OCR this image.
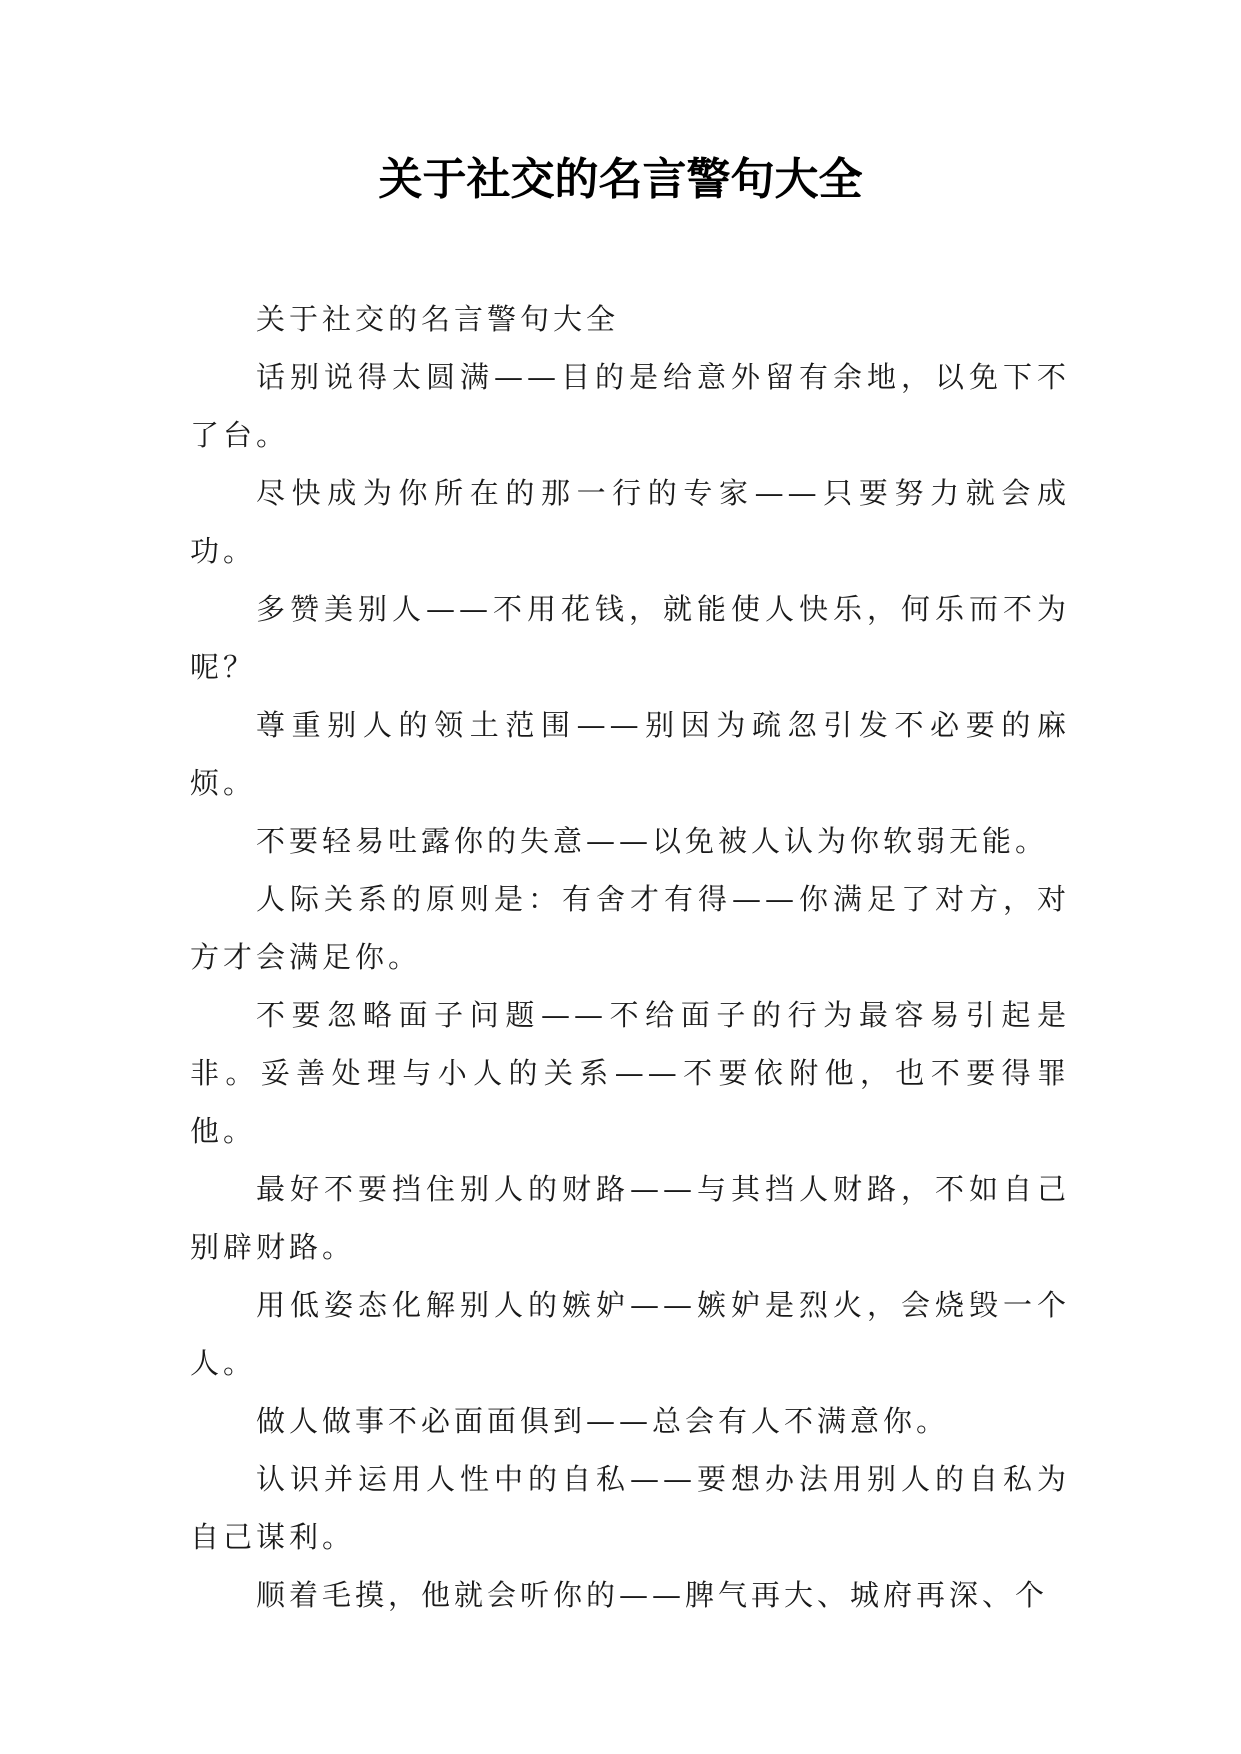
关于社交的名言警句大全

关于社交的名言警句大全

话别说得太圆满——目的是给意外留有余地，以免下不了台。

尽快成为你所在的那一行的专家——只要努力就会成功。

多赞美别人——不用花钱，就能使人快乐，何乐而不为呢？

尊重别人的领土范围——别因为疏忽引发不必要的麻烦。

不要轻易吐露你的失意——以免被人认为你软弱无能。

人际关系的原则是：有舍才有得——你满足了对方，对方才会满足你。

不要忽略面子问题——不给面子的行为最容易引起是非。妥善处理与小人的关系——不要依附他，也不要得罪他。

最好不要挡住别人的财路——与其挡人财路，不如自己别辟财路。

用低姿态化解别人的嫉妒——嫉妒是烈火，会烧毁一个人。

做人做事不必面面俱到——总会有人不满意你。

认识并运用人性中的自私——要想办法用别人的自私为自己谋利。

顺着毛摸，他就会听你的——脾气再大、城府再深、个
